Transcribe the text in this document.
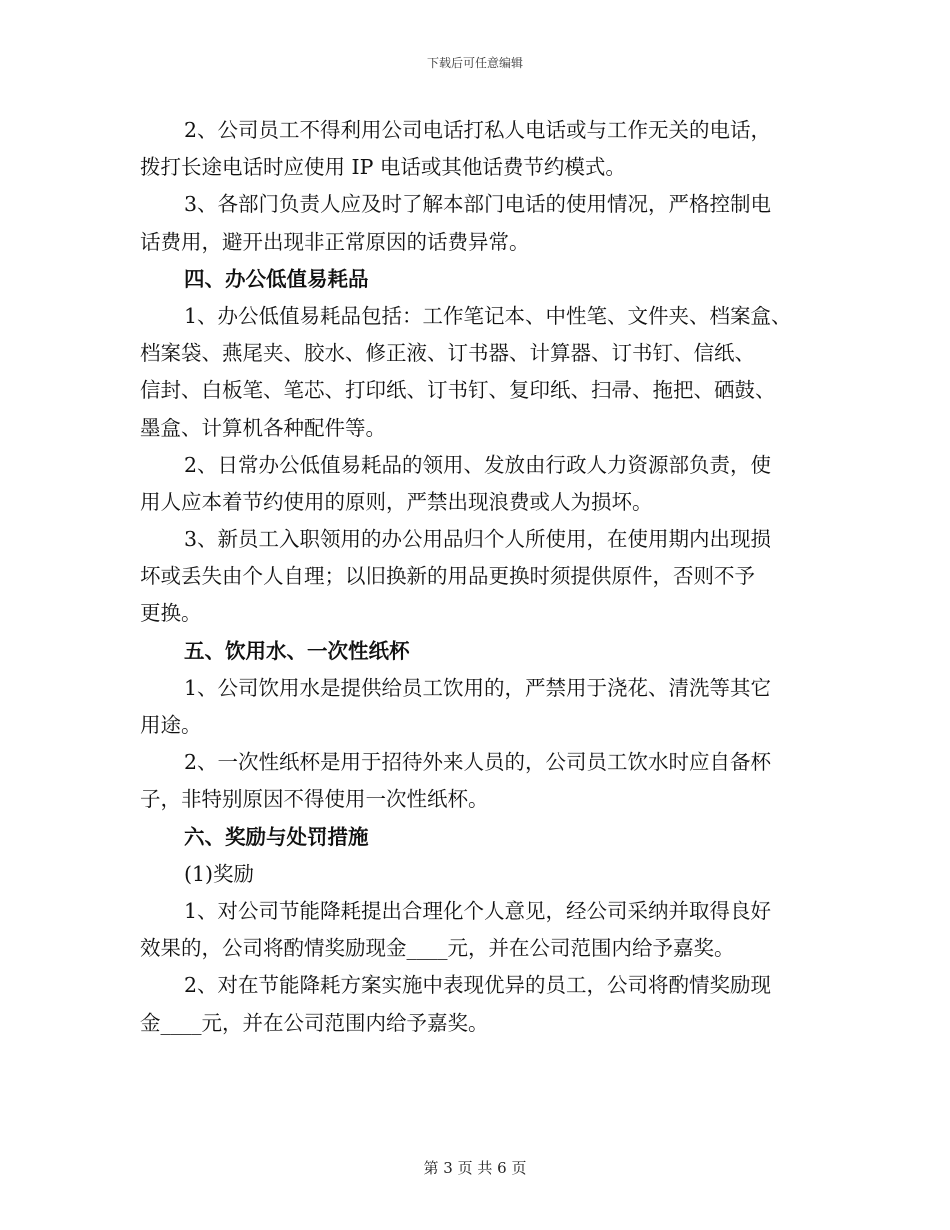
下载后可任意编辑
2、公司员工不得利用公司电话打私人电话或与工作无关的电话，
拨打长途电话时应使用 IP 电话或其他话费节约模式。
3、各部门负责人应及时了解本部门电话的使用情况，严格控制电
话费用，避开出现非正常原因的话费异常。
四、办公低值易耗品
1、办公低值易耗品包括：工作笔记本、中性笔、文件夹、档案盒、
档案袋、燕尾夹、胶水、修正液、订书器、计算器、订书钉、信纸、
信封、白板笔、笔芯、打印纸、订书钉、复印纸、扫帚、拖把、硒鼓、
墨盒、计算机各种配件等。
2、日常办公低值易耗品的领用、发放由行政人力资源部负责，使
用人应本着节约使用的原则，严禁出现浪费或人为损坏。
3、新员工入职领用的办公用品归个人所使用，在使用期内出现损
坏或丢失由个人自理；以旧换新的用品更换时须提供原件，否则不予
更换。
五、饮用水、一次性纸杯
1、公司饮用水是提供给员工饮用的，严禁用于浇花、清洗等其它
用途。
2、一次性纸杯是用于招待外来人员的，公司员工饮水时应自备杯
子，非特别原因不得使用一次性纸杯。
六、奖励与处罚措施
(1)奖励
1、对公司节能降耗提出合理化个人意见，经公司采纳并取得良好
效果的，公司将酌情奖励现金____元，并在公司范围内给予嘉奖。
2、对在节能降耗方案实施中表现优异的员工，公司将酌情奖励现
金____元，并在公司范围内给予嘉奖。
第 3 页 共 6 页
